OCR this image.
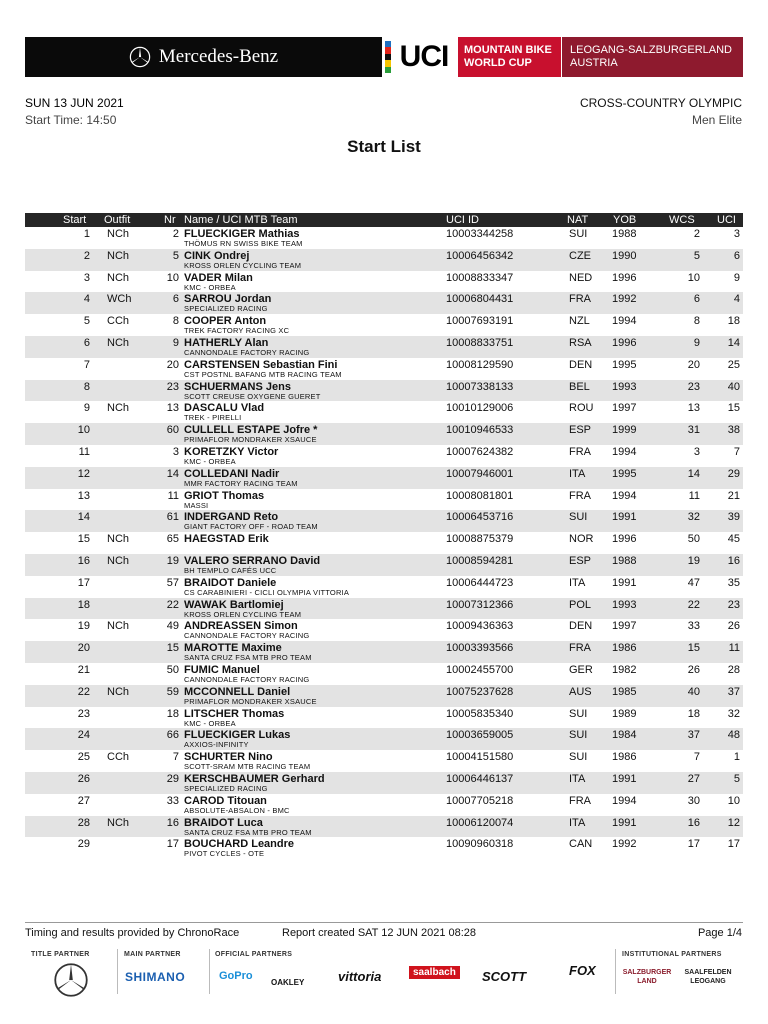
Mercedes-Benz	UCI MOUNTAIN BIKE
WORLD CUP
LEOGANG-SALZBURGERLAND
AUSTRIA
SUN 13 JUN 2021
Start Time: 14:50
CROSS-COUNTRY OLYMPIC
Men Elite
Start List
Start Outfit	Nr Name / UCI MTB Team	UCI ID	NAT YOB	WCS UCI
1 NCh	2 FLUECKIGER Mathias
THÖMUS RN SWISS BIKE TEAM
10003344258	SUI 1988	2	3
2 NCh	5 CINK Ondrej
KROSS ORLEN CYCLING TEAM
10006456342	CZE 1990	5	6
3 NCh	10 VADER Milan
KMC - ORBEA
10008833347	NED 1996	10	9
4 WCh	6 SARROU Jordan
SPECIALIZED RACING
10006804431	FRA 1992	6	4
5 CCh	8 COOPER Anton
TREK FACTORY RACING XC
10007693191	NZL 1994	8	18
6 NCh	9 HATHERLY Alan
CANNONDALE FACTORY RACING
10008833751	RSA 1996	9	14
7	20 CARSTENSEN Sebastian Fini
CST POSTNL BAFANG MTB RACING TEAM
10008129590	DEN 1995	20	25
8	23 SCHUERMANS Jens
SCOTT CREUSE OXYGENE GUERET
10007338133	BEL 1993	23	40
9 NCh	13 DASCALU Vlad
TREK - PIRELLI
10010129006	ROU 1997	13	15
10	60 CULLELL ESTAPE Jofre *
PRIMAFLOR MONDRAKER XSAUCE
10010946533	ESP 1999	31	38
11	3 KORETZKY Victor
KMC - ORBEA
10007624382	FRA 1994	3	7
12	14 COLLEDANI Nadir
MMR FACTORY RACING TEAM
10007946001	ITA 1995	14	29
13	11 GRIOT Thomas
MASSI
10008081801	FRA 1994	11	21
14	61 INDERGAND Reto
GIANT FACTORY OFF - ROAD TEAM
10006453716	SUI 1991	32	39
15 NCh	65 HAEGSTAD Erik	10008875379	NOR 1996	50	45
16 NCh	19 VALERO SERRANO David
BH TEMPLO CAFÉS UCC
10008594281	ESP 1988	19	16
17	57 BRAIDOT Daniele
CS CARABINIERI - CICLI OLYMPIA VITTORIA
10006444723	ITA 1991	47	35
18	22 WAWAK Bartlomiej
KROSS ORLEN CYCLING TEAM
10007312366	POL 1993	22	23
19 NCh	49 ANDREASSEN Simon
CANNONDALE FACTORY RACING
10009436363	DEN 1997	33	26
20	15 MAROTTE Maxime
SANTA CRUZ FSA MTB PRO TEAM
10003393566	FRA 1986	15	11
21	50 FUMIC Manuel
CANNONDALE FACTORY RACING
10002455700	GER 1982	26	28
22 NCh	59 MCCONNELL Daniel
PRIMAFLOR MONDRAKER XSAUCE
10075237628	AUS 1985	40	37
23	18 LITSCHER Thomas
KMC - ORBEA
10005835340	SUI 1989	18	32
24	66 FLUECKIGER Lukas
AXXIOS-INFINITY
10003659005	SUI 1984	37	48
25 CCh	7 SCHURTER Nino
SCOTT-SRAM MTB RACING TEAM
10004151580	SUI 1986	7	1
26	29 KERSCHBAUMER Gerhard
SPECIALIZED RACING
10006446137	ITA 1991	27	5
27	33 CAROD Titouan
ABSOLUTE-ABSALON - BMC
10007705218	FRA 1994	30	10
28 NCh	16 BRAIDOT Luca
SANTA CRUZ FSA MTB PRO TEAM
10006120074	ITA 1991	16	12
29	17 BOUCHARD Leandre
PIVOT CYCLES - OTE
10090960318	CAN 1992	17	17
Timing and results provided by ChronoRace	Report created SAT 12 JUN 2021 08:28	Page 1/4
TITLE PARTNER	MAIN PARTNER	OFFICIAL PARTNERS	INSTITUTIONAL PARTNERS
SHIMANO	GoPro
OAKLEY	vittoria	saalbach	SCOTT	FOX	SALZBURGER LAND
SAALFELDEN LEOGANG
